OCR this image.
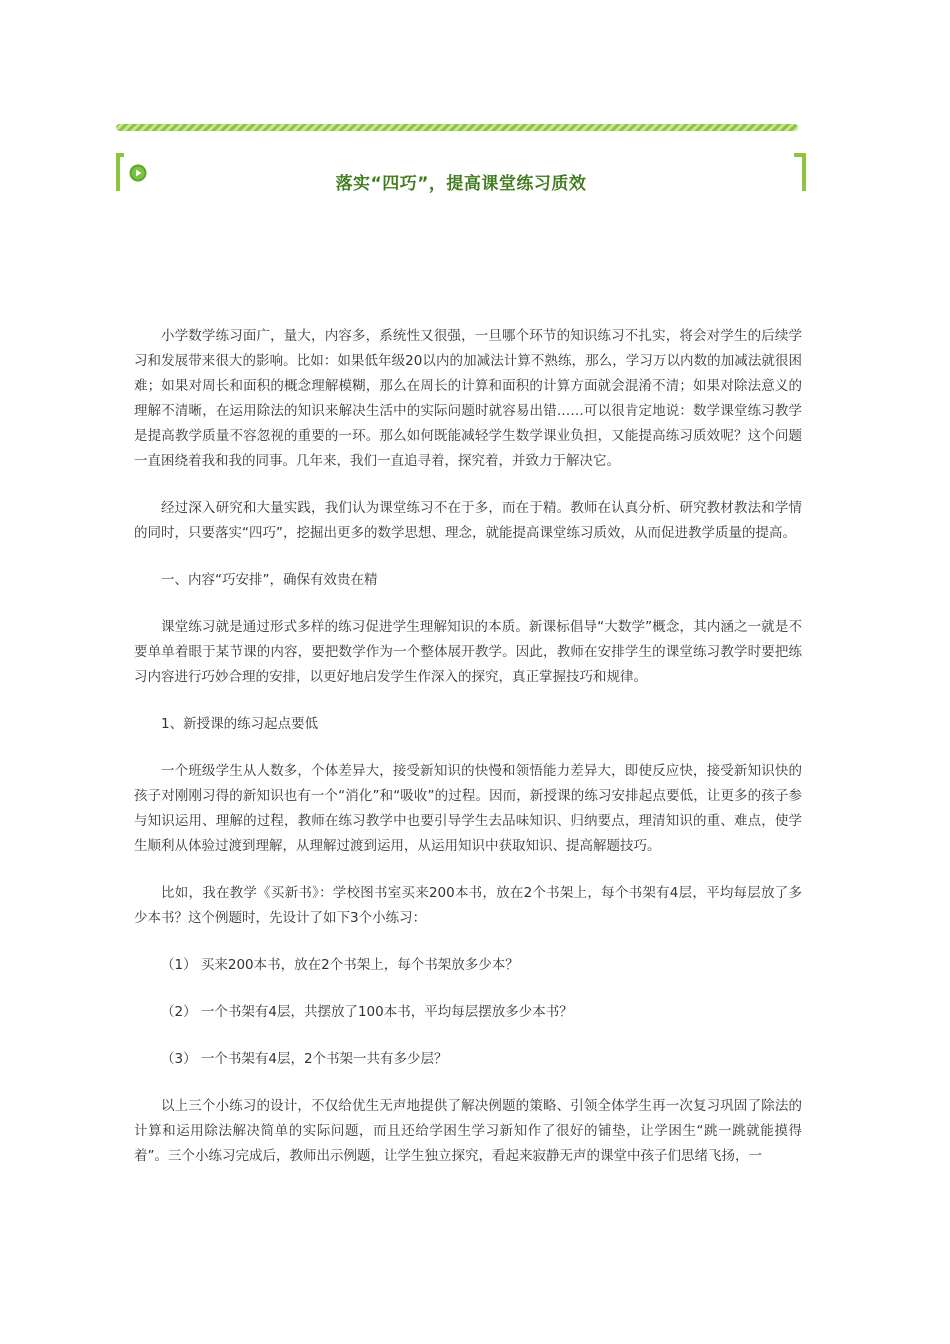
落实“四巧”，提高课堂练习质效

小学数学练习面广，量大，内容多，系统性又很强，一旦哪个环节的知识练习不扎实，将会对学生的后续学习和发展带来很大的影响。比如：如果低年级20以内的加减法计算不熟练，那么，学习万以内数的加减法就很困难；如果对周长和面积的概念理解模糊，那么在周长的计算和面积的计算方面就会混淆不清；如果对除法意义的理解不清晰，在运用除法的知识来解决生活中的实际问题时就容易出错……可以很肯定地说：数学课堂练习教学是提高教学质量不容忽视的重要的一环。那么如何既能减轻学生数学课业负担，又能提高练习质效呢？这个问题一直困绕着我和我的同事。几年来，我们一直追寻着，探究着，并致力于解决它。

经过深入研究和大量实践，我们认为课堂练习不在于多，而在于精。教师在认真分析、研究教材教法和学情的同时，只要落实“四巧”，挖掘出更多的数学思想、理念，就能提高课堂练习质效，从而促进教学质量的提高。

一、内容“巧安排”，确保有效贵在精

课堂练习就是通过形式多样的练习促进学生理解知识的本质。新课标倡导“大数学”概念，其内涵之一就是不要单单着眼于某节课的内容，要把数学作为一个整体展开教学。因此，教师在安排学生的课堂练习教学时要把练习内容进行巧妙合理的安排，以更好地启发学生作深入的探究，真正掌握技巧和规律。

1、新授课的练习起点要低

一个班级学生从人数多，个体差异大，接受新知识的快慢和领悟能力差异大，即使反应快，接受新知识快的孩子对刚刚习得的新知识也有一个“消化”和“吸收”的过程。因而，新授课的练习安排起点要低，让更多的孩子参与知识运用、理解的过程，教师在练习教学中也要引导学生去品味知识、归纳要点，理清知识的重、难点，使学生顺利从体验过渡到理解，从理解过渡到运用，从运用知识中获取知识、提高解题技巧。

比如，我在教学《买新书》：学校图书室买来200本书，放在2个书架上，每个书架有4层，平均每层放了多少本书？这个例题时，先设计了如下3个小练习：

（1） 买来200本书，放在2个书架上，每个书架放多少本？

（2） 一个书架有4层，共摆放了100本书，平均每层摆放多少本书？

（3） 一个书架有4层，2个书架一共有多少层？

以上三个小练习的设计，不仅给优生无声地提供了解决例题的策略、引领全体学生再一次复习巩固了除法的计算和运用除法解决简单的实际问题，而且还给学困生学习新知作了很好的铺垫，让学困生“跳一跳就能摸得着”。三个小练习完成后，教师出示例题，让学生独立探究，看起来寂静无声的课堂中孩子们思绪飞扬，一
